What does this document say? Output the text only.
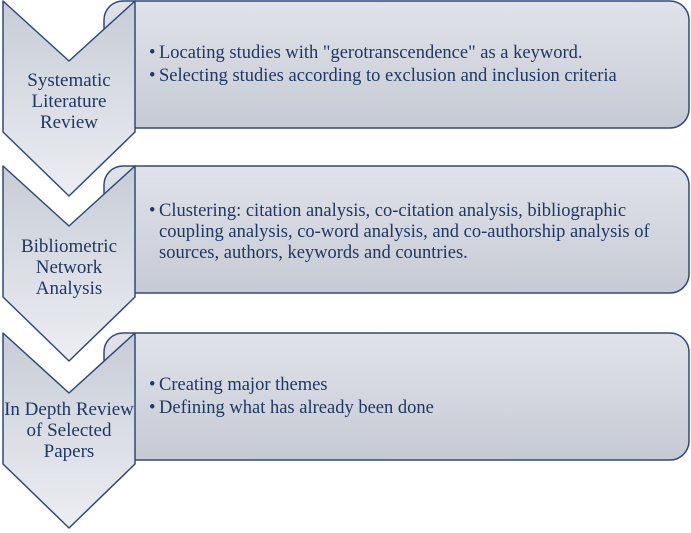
Systematic
Literature
Review
• Locating studies with "gerotranscendence" as a keyword.
• Selecting studies according to exclusion and inclusion criteria
Bibliometric
Network
Analysis
• Clustering: citation analysis, co-citation analysis, bibliographic coupling analysis, co-word analysis, and co-authorship analysis of sources, authors, keywords and countries.
In Depth Review
of Selected
Papers
• Creating major themes
• Defining what has already been done
